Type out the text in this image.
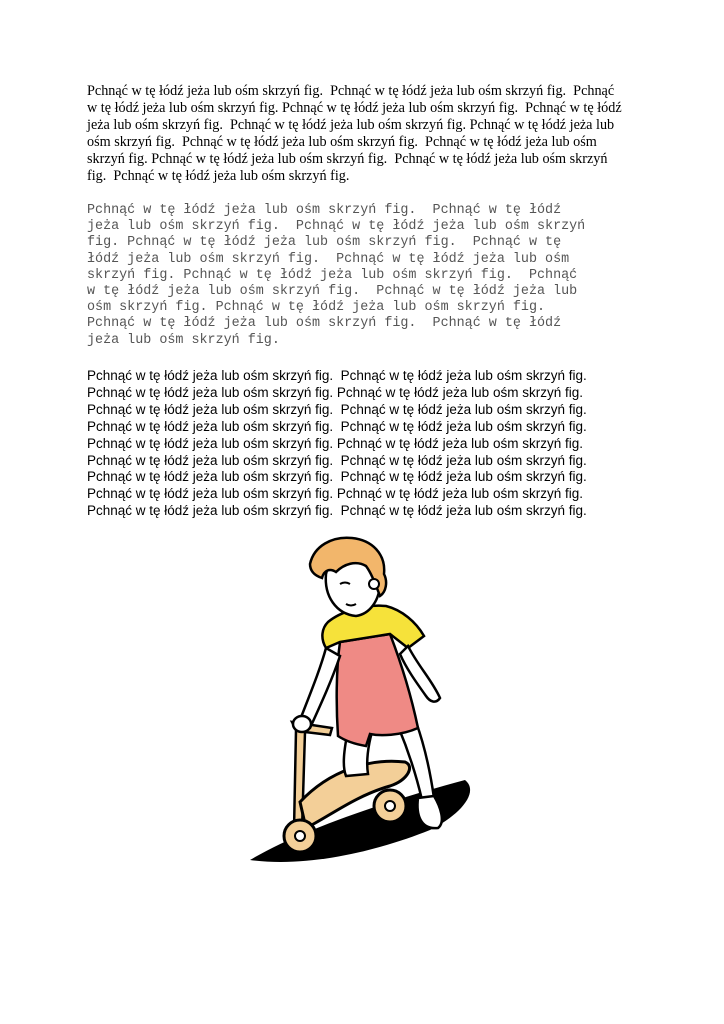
Pchnąć w tę łódź jeża lub ośm skrzyń fig.  Pchnąć w tę łódź jeża lub ośm skrzyń fig.  Pchnąć
w tę łódź jeża lub ośm skrzyń fig. Pchnąć w tę łódź jeża lub ośm skrzyń fig.  Pchnąć w tę łódź
jeża lub ośm skrzyń fig.  Pchnąć w tę łódź jeża lub ośm skrzyń fig. Pchnąć w tę łódź jeża lub
ośm skrzyń fig.  Pchnąć w tę łódź jeża lub ośm skrzyń fig.  Pchnąć w tę łódź jeża lub ośm
skrzyń fig. Pchnąć w tę łódź jeża lub ośm skrzyń fig.  Pchnąć w tę łódź jeża lub ośm skrzyń
fig.  Pchnąć w tę łódź jeża lub ośm skrzyń fig.
Pchnąć w tę łódź jeża lub ośm skrzyń fig.  Pchnąć w tę łódź
jeża lub ośm skrzyń fig.  Pchnąć w tę łódź jeża lub ośm skrzyń
fig. Pchnąć w tę łódź jeża lub ośm skrzyń fig.  Pchnąć w tę
łódź jeża lub ośm skrzyń fig.  Pchnąć w tę łódź jeża lub ośm
skrzyń fig. Pchnąć w tę łódź jeża lub ośm skrzyń fig.  Pchnąć
w tę łódź jeża lub ośm skrzyń fig.  Pchnąć w tę łódź jeża lub
ośm skrzyń fig. Pchnąć w tę łódź jeża lub ośm skrzyń fig.
Pchnąć w tę łódź jeża lub ośm skrzyń fig.  Pchnąć w tę łódź
jeża lub ośm skrzyń fig.
Pchnąć w tę łódź jeża lub ośm skrzyń fig.  Pchnąć w tę łódź jeża lub ośm skrzyń fig.
Pchnąć w tę łódź jeża lub ośm skrzyń fig. Pchnąć w tę łódź jeża lub ośm skrzyń fig.
Pchnąć w tę łódź jeża lub ośm skrzyń fig.  Pchnąć w tę łódź jeża lub ośm skrzyń fig.
Pchnąć w tę łódź jeża lub ośm skrzyń fig.  Pchnąć w tę łódź jeża lub ośm skrzyń fig.
Pchnąć w tę łódź jeża lub ośm skrzyń fig. Pchnąć w tę łódź jeża lub ośm skrzyń fig.
Pchnąć w tę łódź jeża lub ośm skrzyń fig.  Pchnąć w tę łódź jeża lub ośm skrzyń fig.
Pchnąć w tę łódź jeża lub ośm skrzyń fig.  Pchnąć w tę łódź jeża lub ośm skrzyń fig.
Pchnąć w tę łódź jeża lub ośm skrzyń fig. Pchnąć w tę łódź jeża lub ośm skrzyń fig.
Pchnąć w tę łódź jeża lub ośm skrzyń fig.  Pchnąć w tę łódź jeża lub ośm skrzyń fig.
